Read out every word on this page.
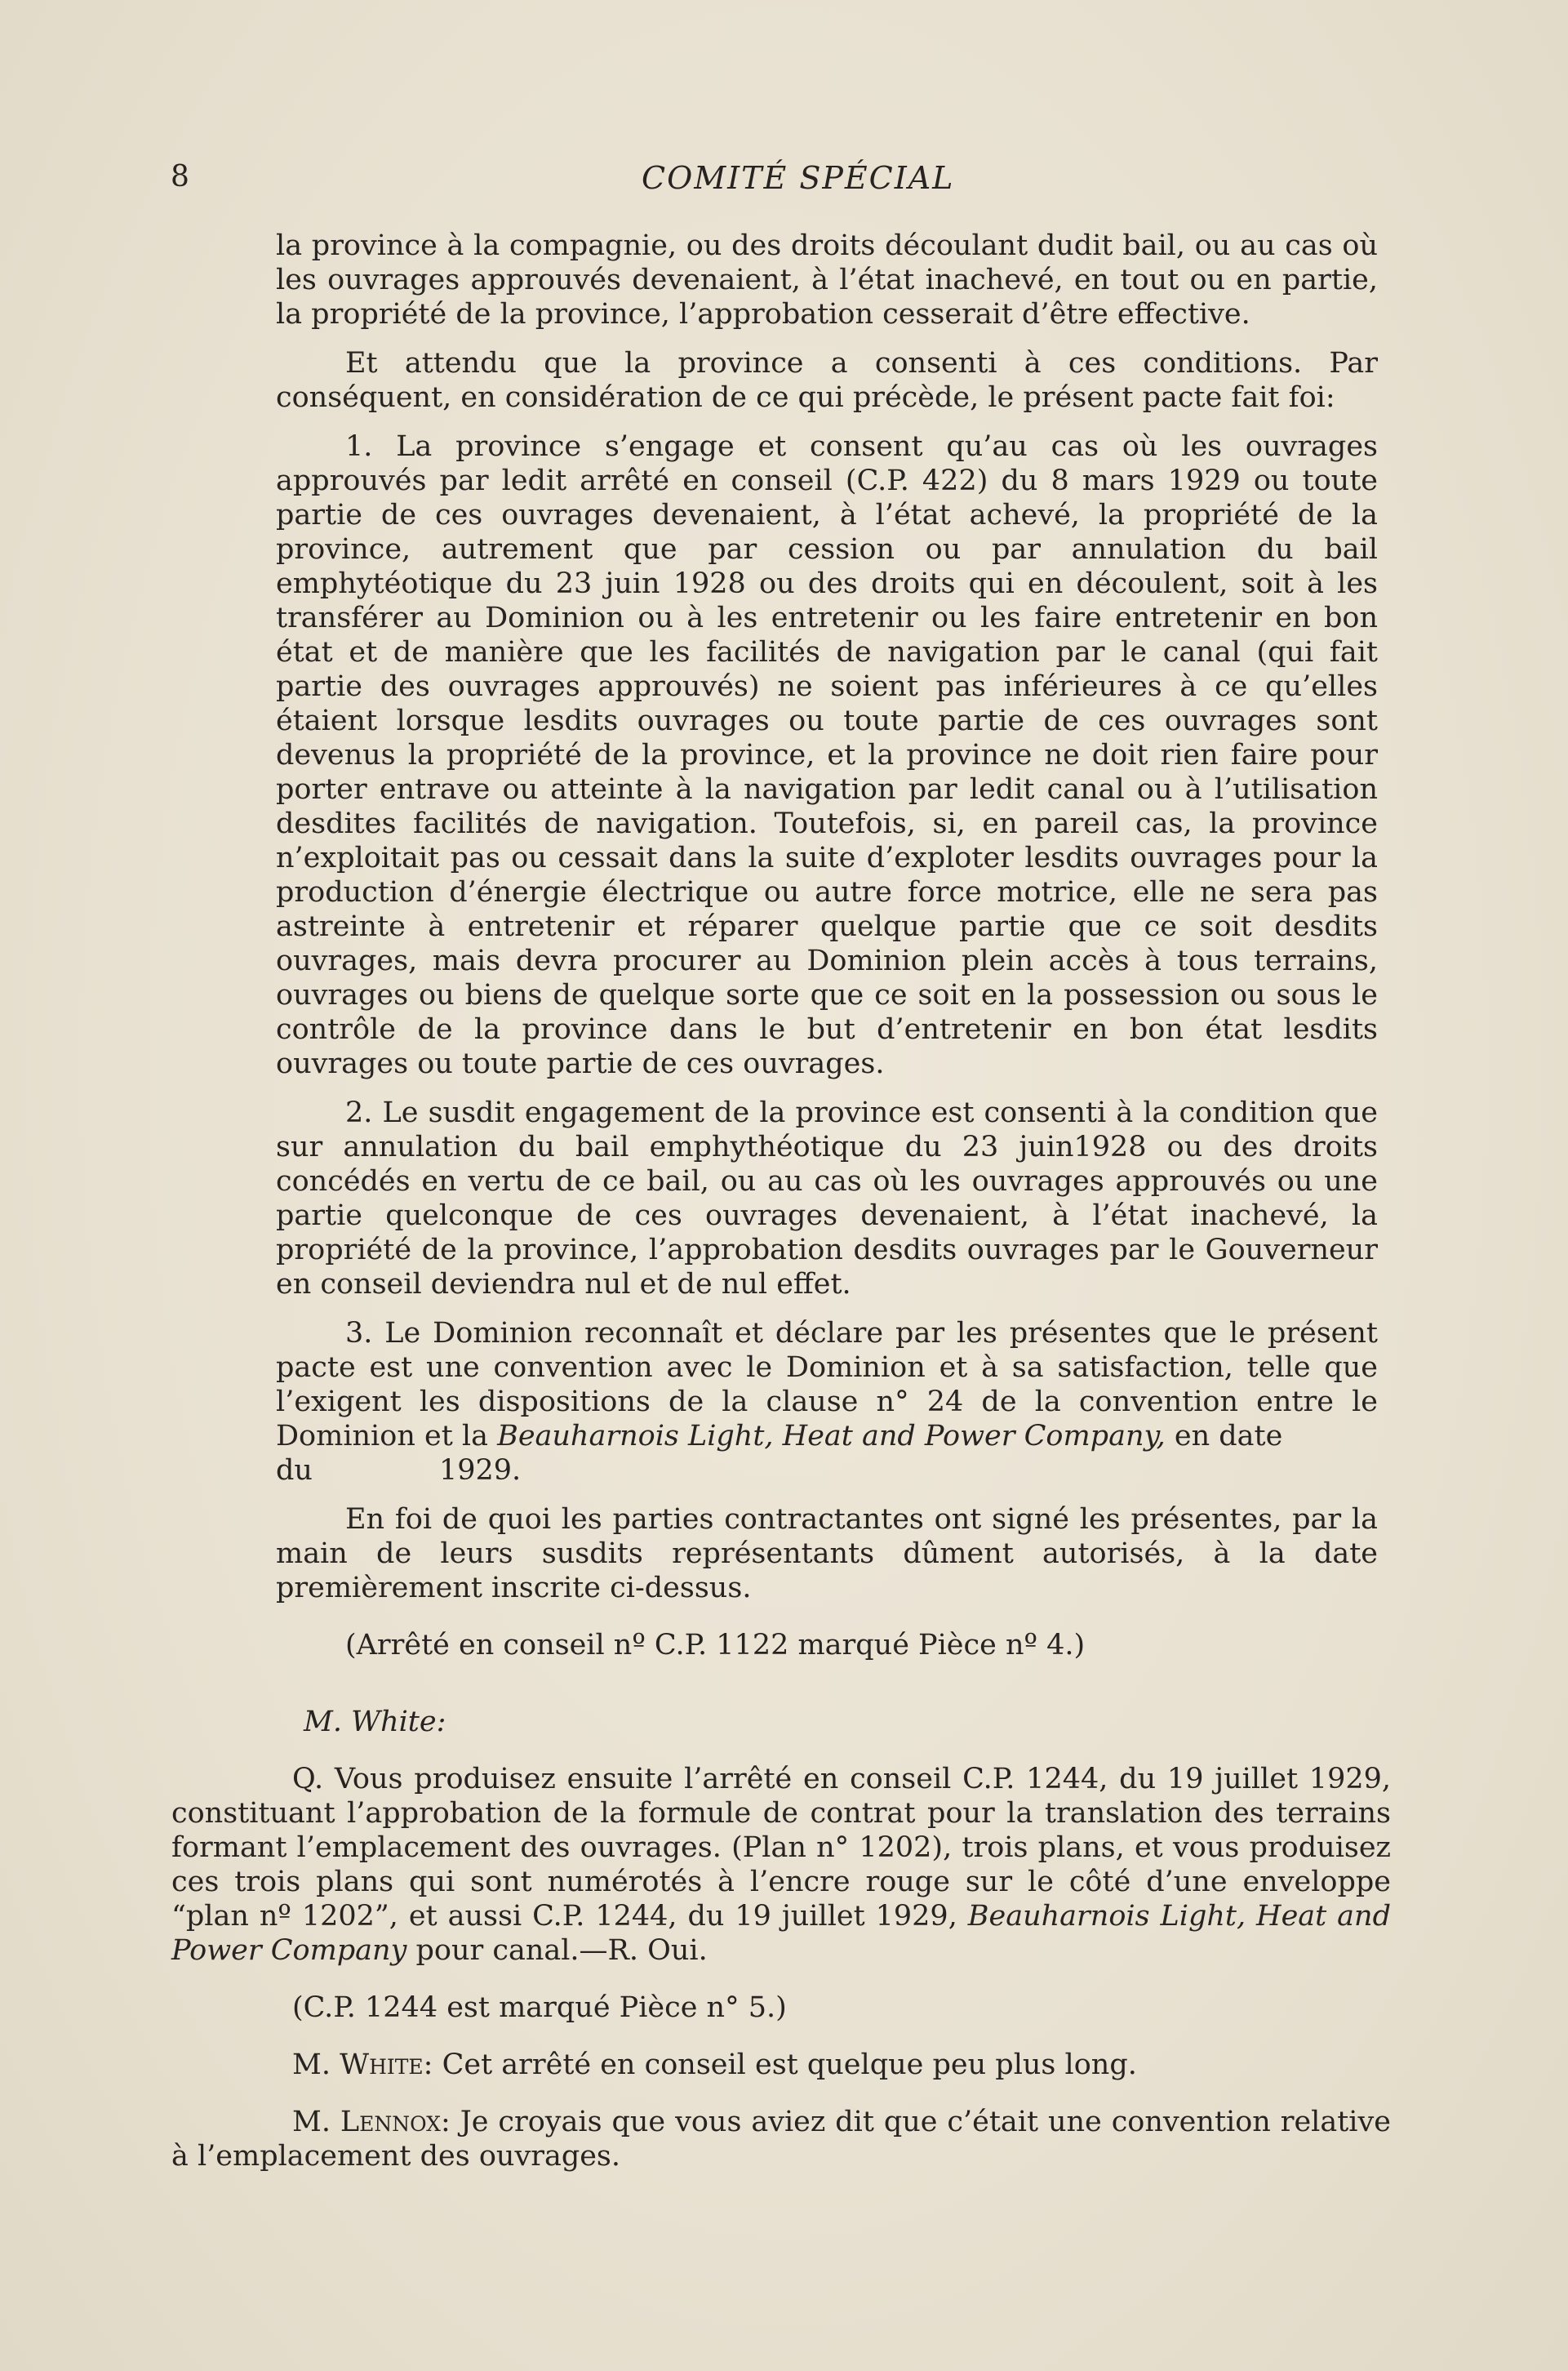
8	COMITÉ SPÉCIAL

la province à la compagnie, ou des droits découlant dudit bail, ou au cas où les ouvrages approuvés devenaient, à l’état inachevé, en tout ou en partie, la propriété de la province, l’approbation cesserait d’être effective.

Et attendu que la province a consenti à ces conditions. Par conséquent, en considération de ce qui précède, le présent pacte fait foi:

1. La province s’engage et consent qu’au cas où les ouvrages approuvés par ledit arrêté en conseil (C.P. 422) du 8 mars 1929 ou toute partie de ces ouvrages devenaient, à l’état achevé, la propriété de la province, autrement que par cession ou par annulation du bail emphytéotique du 23 juin 1928 ou des droits qui en découlent, soit à les transférer au Dominion ou à les entretenir ou les faire entretenir en bon état et de manière que les facilités de navigation par le canal (qui fait partie des ouvrages approuvés) ne soient pas inférieures à ce qu’elles étaient lorsque lesdits ouvrages ou toute partie de ces ouvrages sont devenus la propriété de la province, et la province ne doit rien faire pour porter entrave ou atteinte à la navigation par ledit canal ou à l’utilisation desdites facilités de navigation. Toutefois, si, en pareil cas, la province n’exploitait pas ou cessait dans la suite d’exploter lesdits ouvrages pour la production d’énergie électrique ou autre force motrice, elle ne sera pas astreinte à entretenir et réparer quelque partie que ce soit desdits ouvrages, mais devra procurer au Dominion plein accès à tous terrains, ouvrages ou biens de quelque sorte que ce soit en la possession ou sous le contrôle de la province dans le but d’entretenir en bon état lesdits ouvrages ou toute partie de ces ouvrages.

2. Le susdit engagement de la province est consenti à la condition que sur annulation du bail emphythéotique du 23 juin1928 ou des droits concédés en vertu de ce bail, ou au cas où les ouvrages approuvés ou une partie quelconque de ces ouvrages devenaient, à l’état inachevé, la propriété de la province, l’approbation desdits ouvrages par le Gouverneur en conseil deviendra nul et de nul effet.

3. Le Dominion reconnaît et déclare par les présentes que le présent pacte est une convention avec le Dominion et à sa satisfaction, telle que l’exigent les dispositions de la clause n° 24 de la convention entre le Dominion et la Beauharnois Light, Heat and Power Company, en date

du	1929.

En foi de quoi les parties contractantes ont signé les présentes, par la main de leurs susdits représentants dûment autorisés, à la date premièrement inscrite ci-dessus.

(Arrêté en conseil nº C.P. 1122 marqué Pièce nº 4.)

M. White:

Q. Vous produisez ensuite l’arrêté en conseil C.P. 1244, du 19 juillet 1929, constituant l’approbation de la formule de contrat pour la translation des terrains formant l’emplacement des ouvrages. (Plan n° 1202), trois plans, et vous produisez ces trois plans qui sont numérotés à l’encre rouge sur le côté d’une enveloppe “plan nº 1202”, et aussi C.P. 1244, du 19 juillet 1929, Beauharnois Light, Heat and Power Company pour canal.—R. Oui.

(C.P. 1244 est marqué Pièce n° 5.)

M. White: Cet arrêté en conseil est quelque peu plus long.

M. Lennox: Je croyais que vous aviez dit que c’était une convention relative à l’emplacement des ouvrages.
